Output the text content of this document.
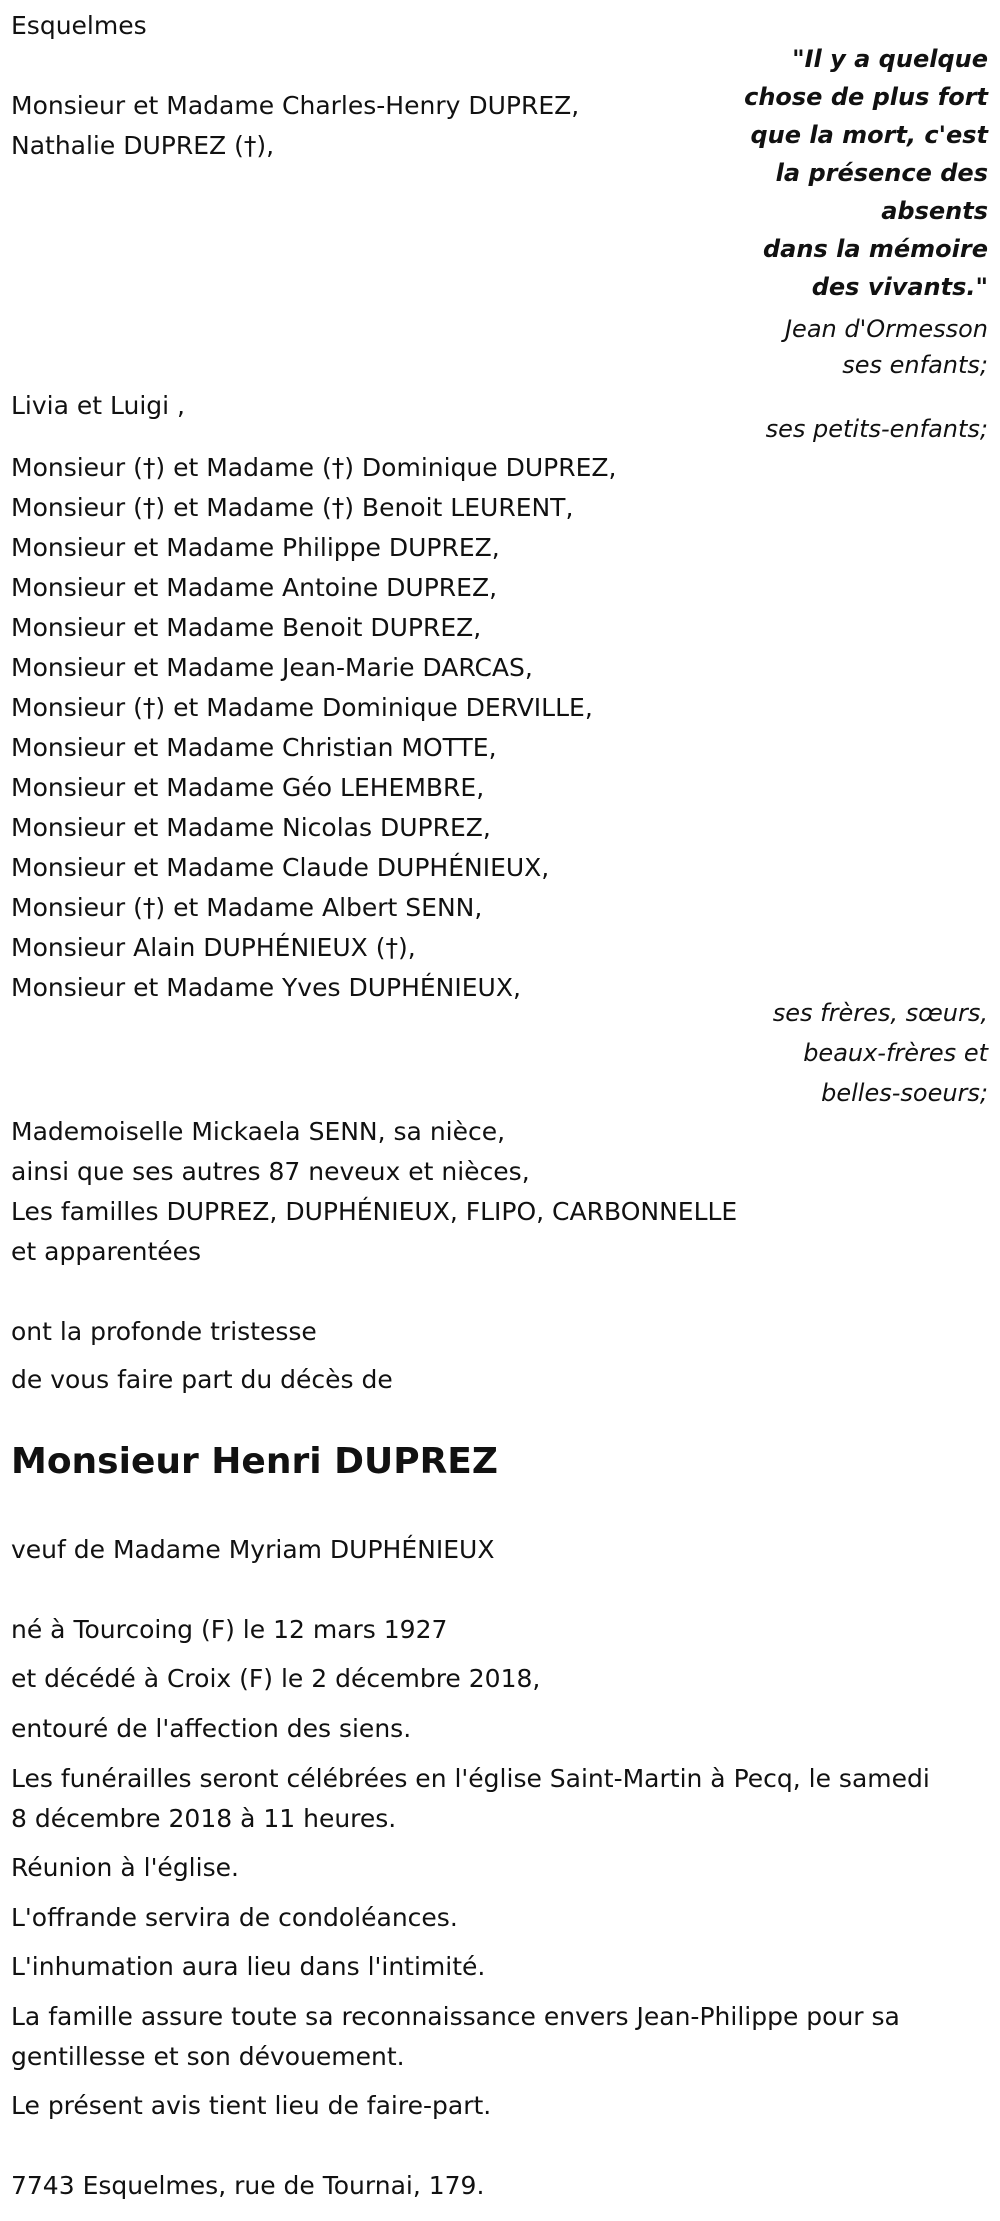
Esquelmes

"Il y a quelque

chose de plus fort

que la mort, c'est

la présence des

absents

dans la mémoire

des vivants."

Jean d'Ormesson

Monsieur et Madame Charles-Henry DUPREZ,

Nathalie DUPREZ (†),

ses enfants;

Livia et Luigi ,

ses petits-enfants;

Monsieur (†) et Madame (†) Dominique DUPREZ,

Monsieur (†) et Madame (†) Benoit LEURENT,

Monsieur et Madame Philippe DUPREZ,

Monsieur et Madame Antoine DUPREZ,

Monsieur et Madame Benoit DUPREZ,

Monsieur et Madame Jean-Marie DARCAS,

Monsieur (†) et Madame Dominique DERVILLE,

Monsieur et Madame Christian MOTTE,

Monsieur et Madame Géo LEHEMBRE,

Monsieur et Madame Nicolas DUPREZ,

Monsieur et Madame Claude DUPHÉNIEUX,

Monsieur (†) et Madame Albert SENN,

Monsieur Alain DUPHÉNIEUX (†),

Monsieur et Madame Yves DUPHÉNIEUX,

ses frères, sœurs,

beaux-frères et

belles-soeurs;

Mademoiselle Mickaela SENN, sa nièce,

ainsi que ses autres 87 neveux et nièces,

Les familles DUPREZ, DUPHÉNIEUX, FLIPO, CARBONNELLE

et apparentées

ont la profonde tristesse

de vous faire part du décès de

Monsieur Henri DUPREZ

veuf de Madame Myriam DUPHÉNIEUX

né à Tourcoing (F) le 12 mars 1927

et décédé à Croix (F) le 2 décembre 2018,

entouré de l'affection des siens.

Les funérailles seront célébrées en l'église Saint-Martin à Pecq, le samedi

8 décembre 2018 à 11 heures.

Réunion à l'église.

L'offrande servira de condoléances.

L'inhumation aura lieu dans l'intimité.

La famille assure toute sa reconnaissance envers Jean-Philippe pour sa

gentillesse et son dévouement.

Le présent avis tient lieu de faire-part.

7743 Esquelmes, rue de Tournai, 179.
